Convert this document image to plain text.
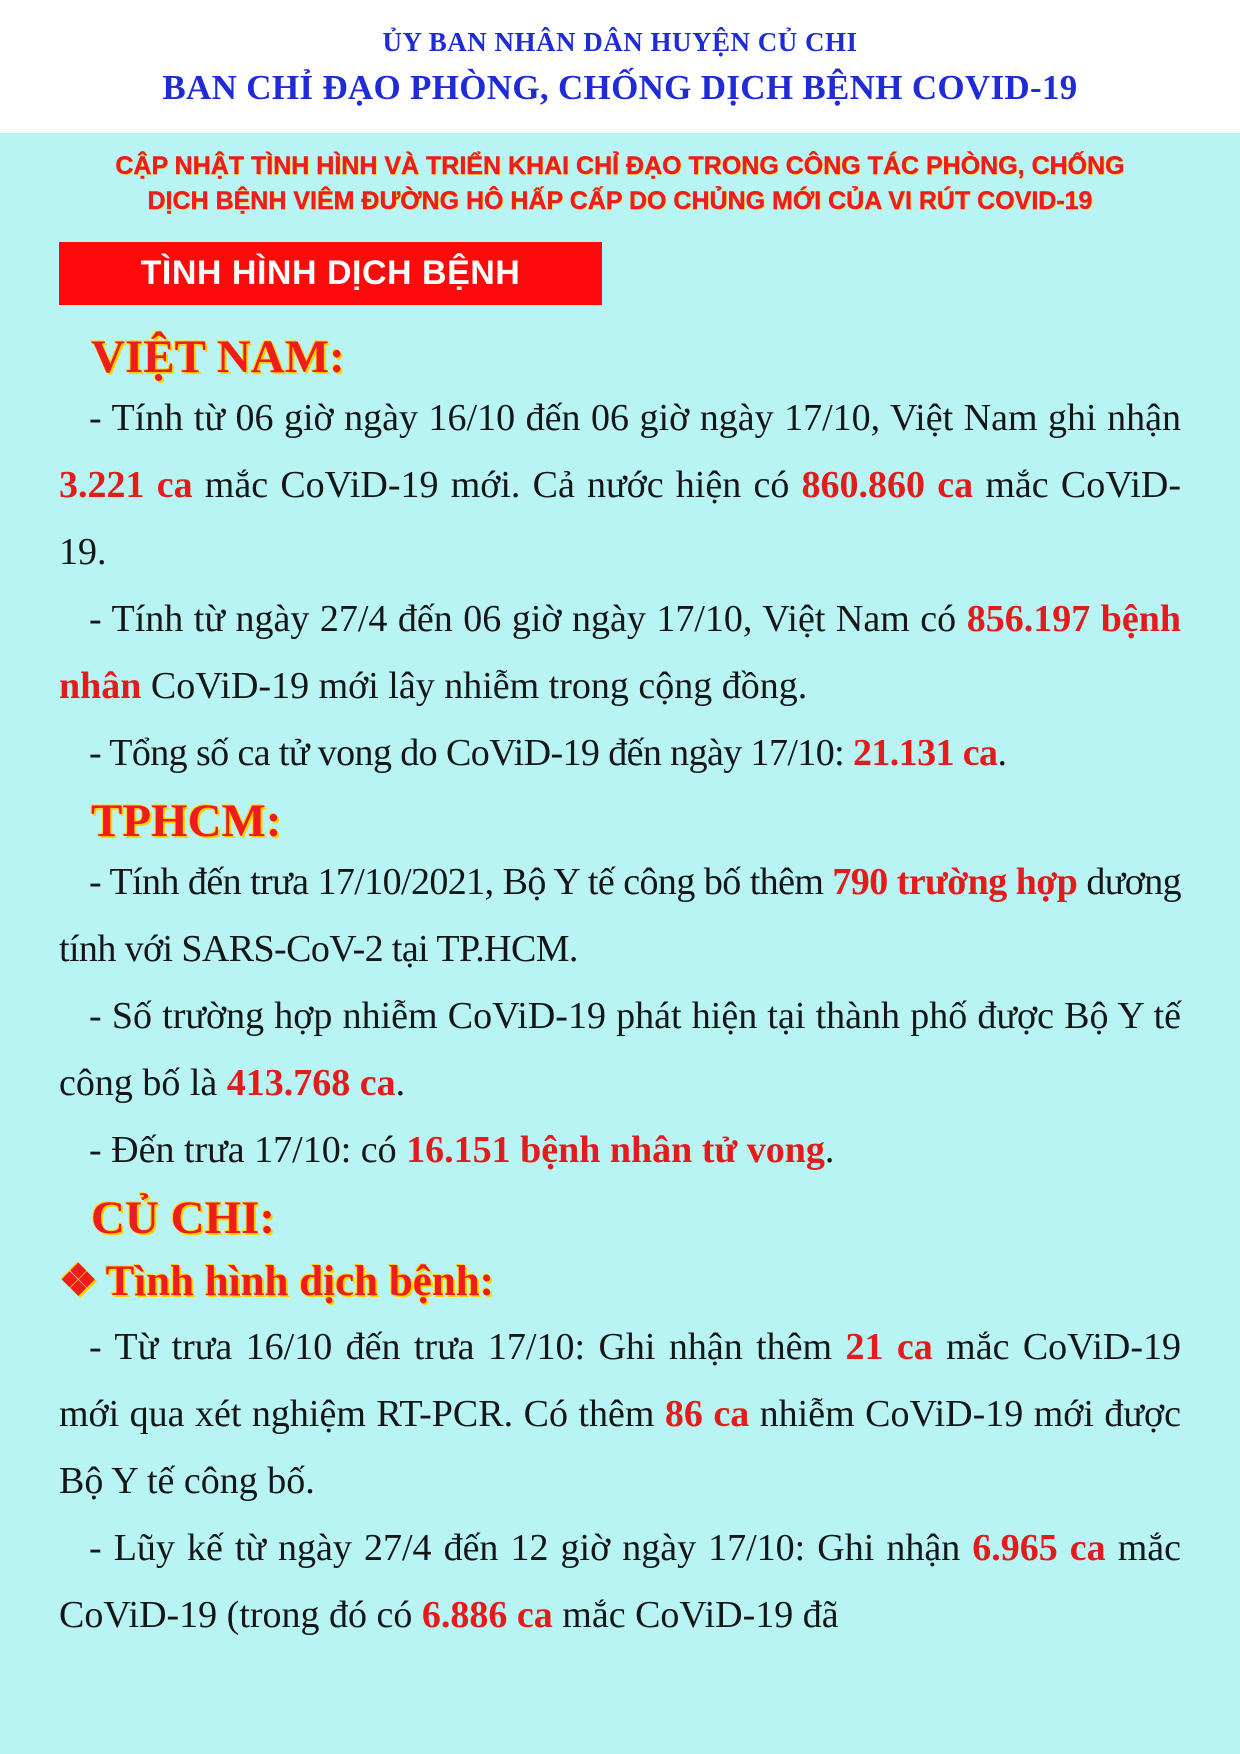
ỦY BAN NHÂN DÂN HUYỆN CỦ CHI
BAN CHỈ ĐẠO PHÒNG, CHỐNG DỊCH BỆNH COVID-19
CẬP NHẬT TÌNH HÌNH VÀ TRIỂN KHAI CHỈ ĐẠO TRONG CÔNG TÁC PHÒNG, CHỐNG
DỊCH BỆNH VIÊM ĐƯỜNG HÔ HẤP CẤP DO CHỦNG MỚI CỦA VI RÚT COVID-19
TÌNH HÌNH DỊCH BỆNH
VIỆT NAM:

- Tính từ 06 giờ ngày 16/10 đến 06 giờ ngày 17/10, Việt Nam ghi nhận 3.221 ca mắc CoViD-19 mới. Cả nước hiện có 860.860 ca mắc CoViD-19.

- Tính từ ngày 27/4 đến 06 giờ ngày 17/10, Việt Nam có 856.197 bệnh nhân CoViD-19 mới lây nhiễm trong cộng đồng.

- Tổng số ca tử vong do CoViD-19 đến ngày 17/10: 21.131 ca.

TPHCM:

- Tính đến trưa 17/10/2021, Bộ Y tế công bố thêm 790 trường hợp dương tính với SARS-CoV-2 tại TP.HCM.

- Số trường hợp nhiễm CoViD-19 phát hiện tại thành phố được Bộ Y tế công bố là 413.768 ca.

- Đến trưa 17/10: có 16.151 bệnh nhân tử vong.

CỦ CHI:
❖ Tình hình dịch bệnh:

- Từ trưa 16/10 đến trưa 17/10: Ghi nhận thêm 21 ca mắc CoViD-19 mới qua xét nghiệm RT-PCR. Có thêm 86 ca nhiễm CoViD-19 mới được Bộ Y tế công bố.

- Lũy kế từ ngày 27/4 đến 12 giờ ngày 17/10: Ghi nhận 6.965 ca mắc CoViD-19 (trong đó có 6.886 ca mắc CoViD-19 đã
